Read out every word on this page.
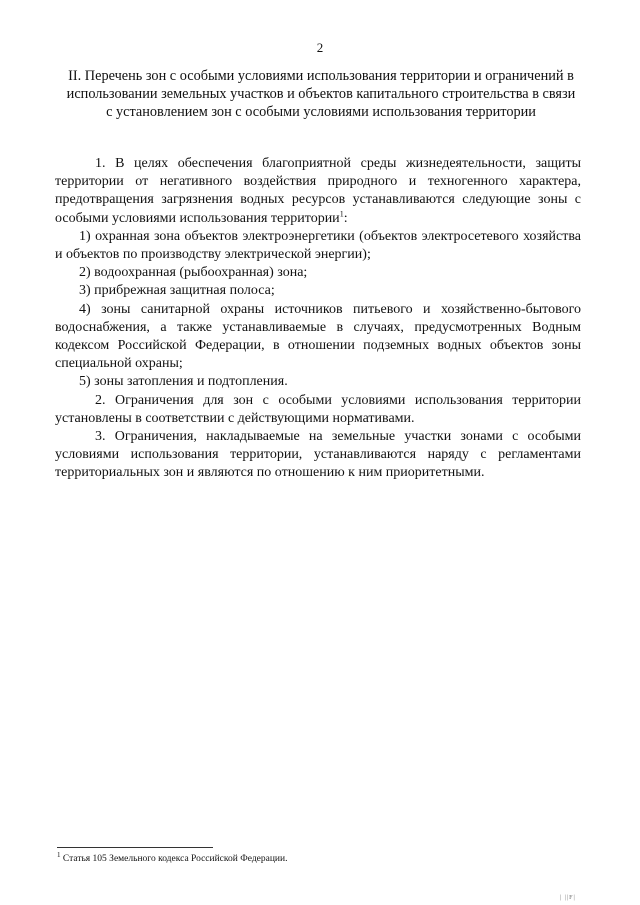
2
II. Перечень зон с особыми условиями использования территории и ограничений в использовании земельных участков и объектов капитального строительства в связи с установлением зон с особыми условиями использования территории

1. В целях обеспечения благоприятной среды жизнедеятельности, защиты территории от негативного воздействия природного и техногенного характера, предотвращения загрязнения водных ресурсов устанавливаются следующие зоны с особыми условиями использования территории$^1$:

1) охранная зона объектов электроэнергетики (объектов электросетевого хозяйства и объектов по производству электрической энергии);

2) водоохранная (рыбоохранная) зона;

3) прибрежная защитная полоса;

4) зоны санитарной охраны источников питьевого и хозяйственно-бытового водоснабжения, а также устанавливаемые в случаях, предусмотренных Водным кодексом Российской Федерации, в отношении подземных водных объектов зоны специальной охраны;

5) зоны затопления и подтопления.

2. Ограничения для зон с особыми условиями использования территории установлены в соответствии с действующими нормативами.

3. Ограничения, накладываемые на земельные участки зонами с особыми условиями использования территории, устанавливаются наряду с регламентами территориальных зон и являются по отношению к ним приоритетными.

$^1$ Статья 105 Земельного кодекса Российской Федерации.
| ||F|
